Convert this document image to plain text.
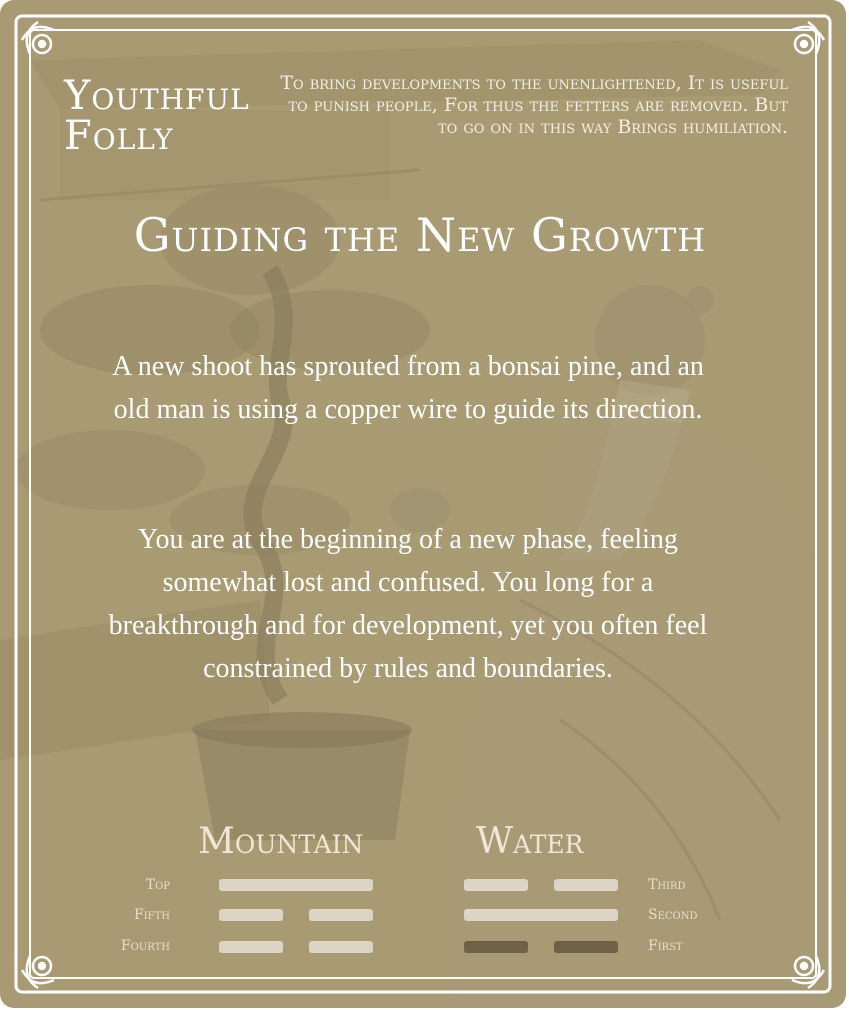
Youthful
Folly

To bring developments to the unenlightened, It is useful to punish people, For thus the fetters are removed. But to go on in this way Brings humiliation.

Guiding the New Growth

A new shoot has sprouted from a bonsai pine, and an old man is using a copper wire to guide its direction.

You are at the beginning of a new phase, feeling somewhat lost and confused. You long for a breakthrough and for development, yet you often feel constrained by rules and boundaries.

Mountain	Water
Top
Fifth
Fourth
Third
Second
First
